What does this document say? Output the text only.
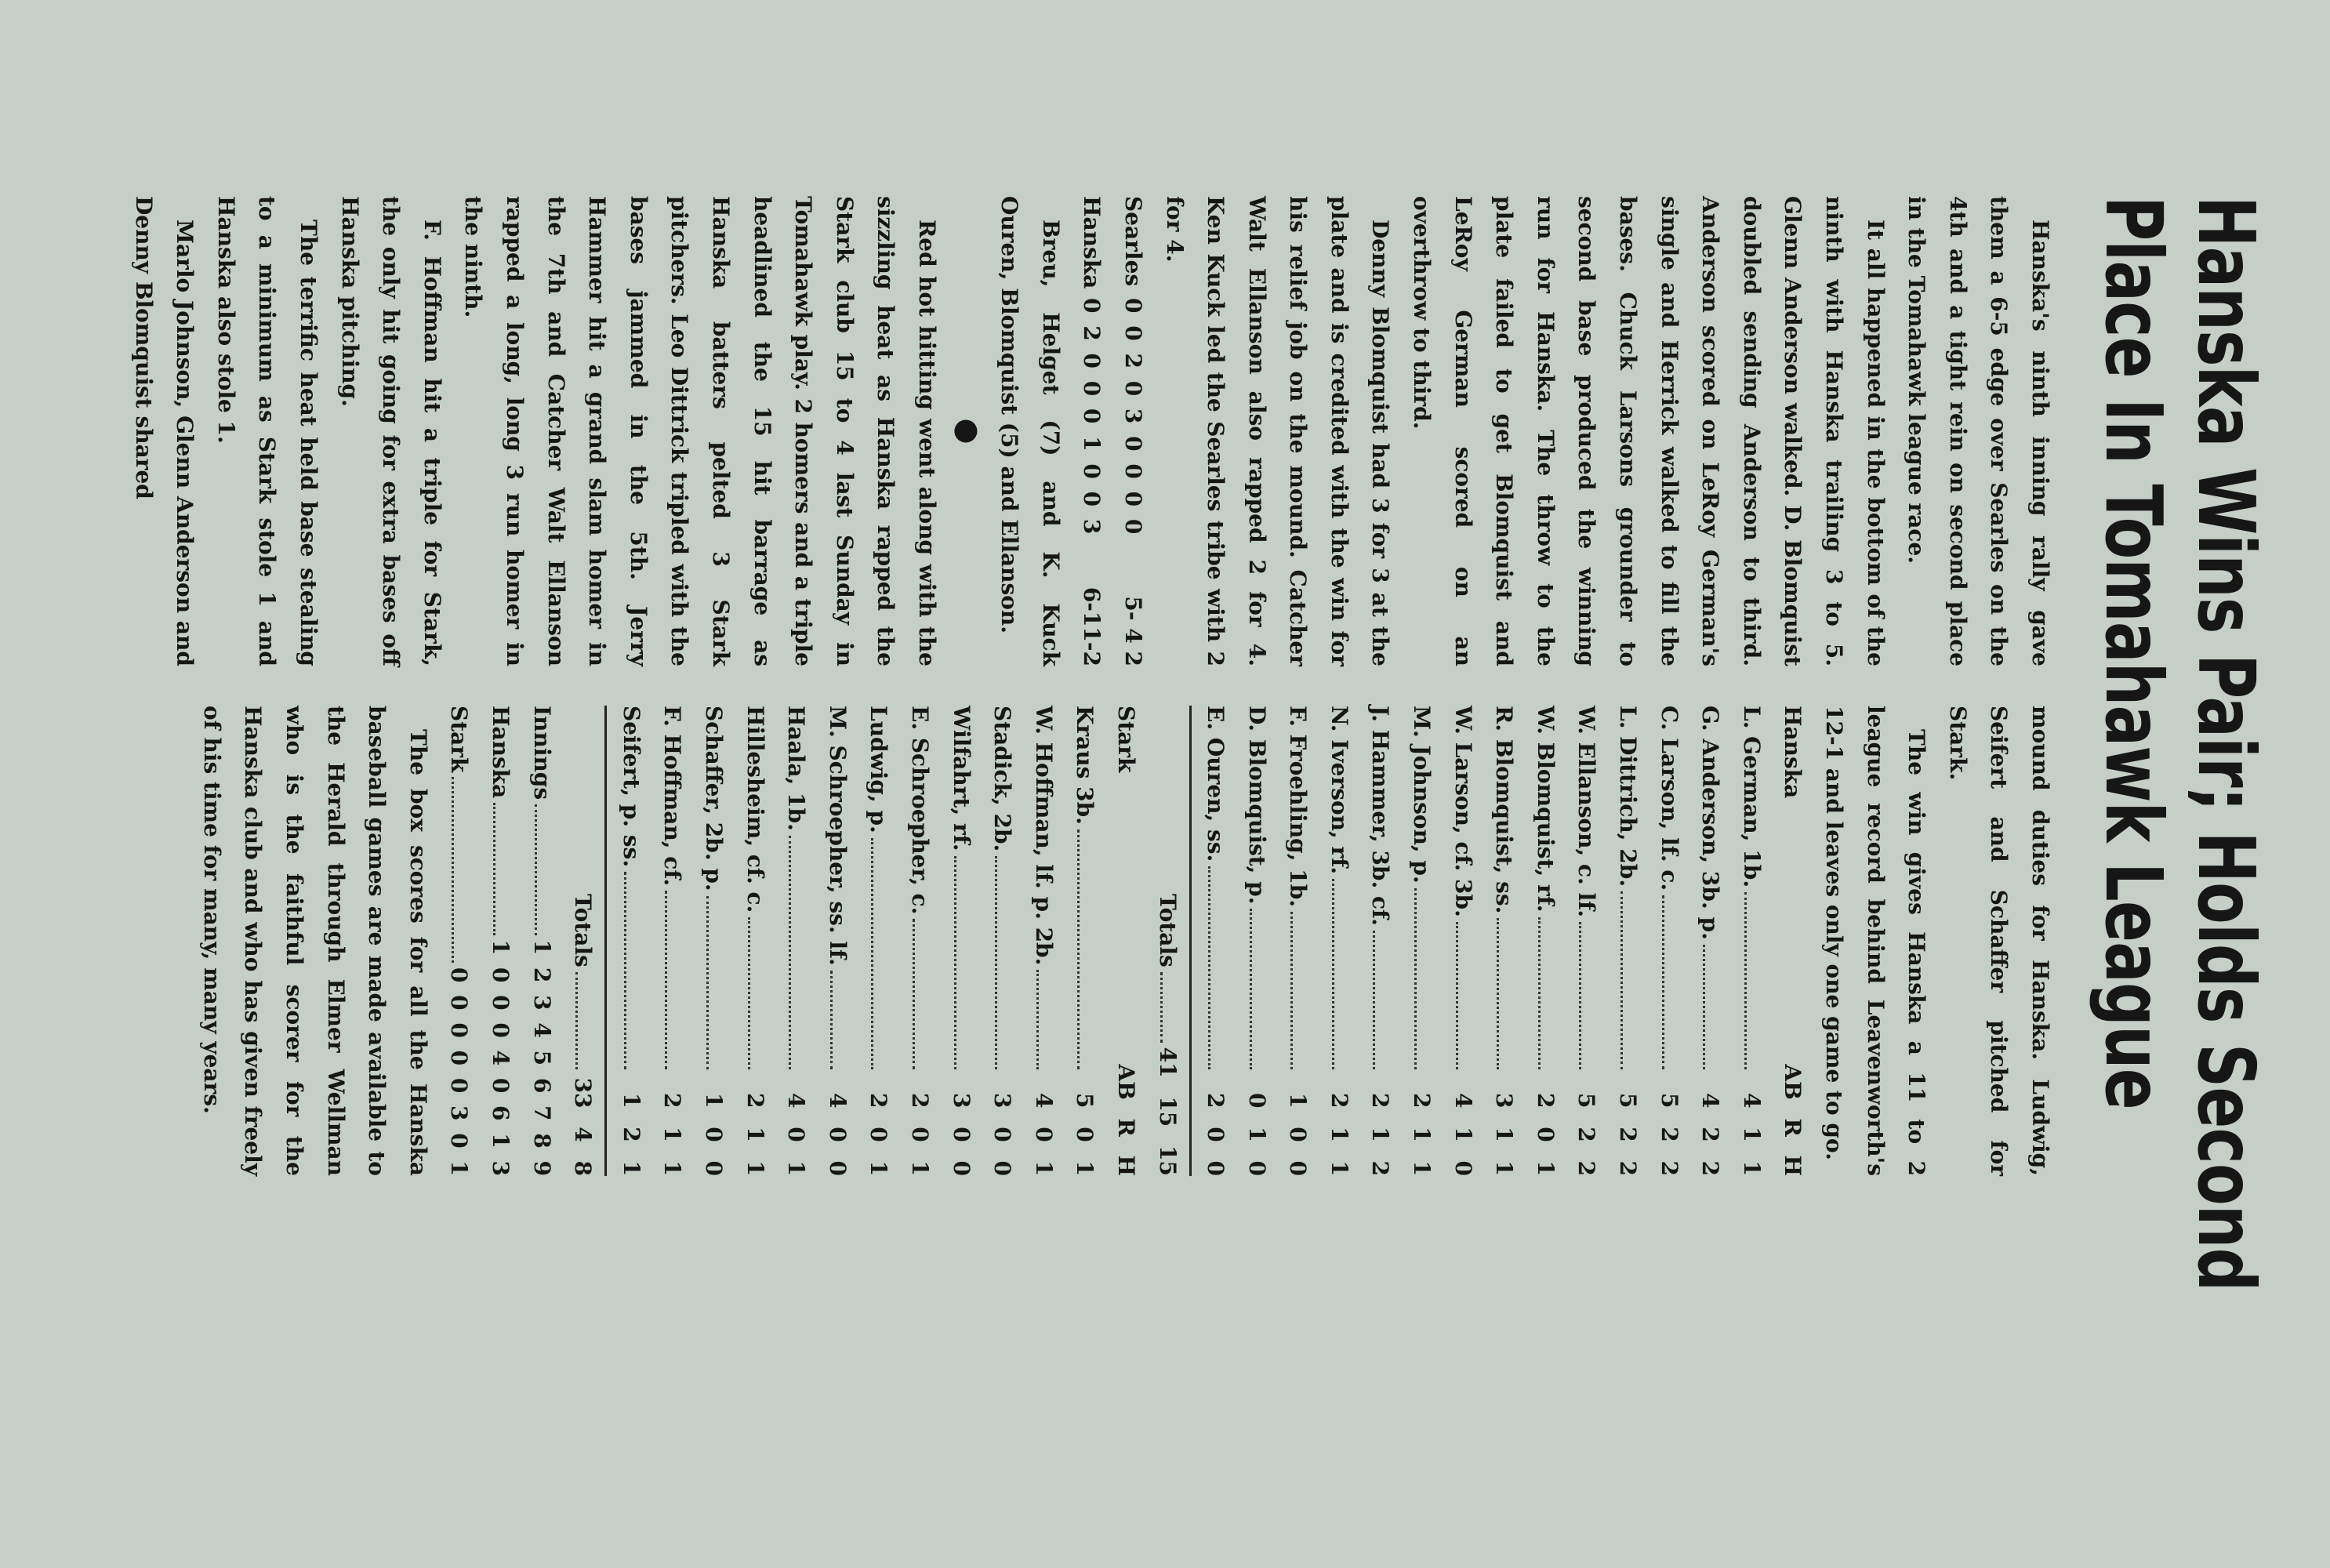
Hanska Wins Pair; Holds Second
Place In Tomahawk League

Hanska's ninth inning rally gave them a 6-5 edge over Searles on the 4th and a tight rein on second place in the Tomahawk league race.

It all happened in the bottom of the ninth with Hanska trailing 3 to 5. Glenn Anderson walked. D. Blomquist doubled sending Anderson to third. Anderson scored on LeRoy German's single and Herrick walked to fill the bases. Chuck Larsons grounder to second base produced the winning run for Hanska. The throw to the plate failed to get Blomquist and LeRoy German scored on an overthrow to third.

Denny Blomquist had 3 for 3 at the plate and is credited with the win for his relief job on the mound. Catcher Walt Ellanson also rapped 2 for 4. Ken Kuck led the Searles tribe with 2 for 4.

Searles
0 0 2 0 3 0 0 0 0
5- 4 2
Hanska
0 2 0 0 0 1 0 0 3
6-11-2

Breu, Helget (7) and K. Kuck Ouren, Blomquist (5) and Ellanson.

●

Red hot hitting went along with the sizzling heat as Hanska rapped the Stark club 15 to 4 last Sunday in Tomahawk play. 2 homers and a triple headlined the 15 hit barrage as Hanska batters pelted 3 Stark pitchers. Leo Dittrick tripled with the bases jammed in the 5th. Jerry Hammer hit a grand slam homer in the 7th and Catcher Walt Ellanson rapped a long, long 3 run homer in the ninth.

F. Hoffman hit a triple for Stark, the only hit going for extra bases off Hanska pitching.

The terrific heat held base stealing to a minimum as Stark stole 1 and Hanska also stole 1.

Marlo Johnson, Glenn Anderson and Denny Blomquist shared

mound duties for Hanska. Ludwig, Seifert and Schaffer pitched for Stark.

The win gives Hanska a 11 to 2 league record behind Leavenworth's 12-1 and leaves only one game to go.

Hanska
AB R H
L. German, 1b.
4 1 1
G. Anderson, 3b. p.
4 2 2
C. Larson, lf. c.
5 2 2
L. Dittrich, 2b.
5 2 2
W. Ellanson, c. lf.
5 2 2
W. Blomquist, rf.
2 0 1
R. Blomquist, ss.
3 1 1
W. Larson, cf. 3b.
4 1 0
M. Johnson, p.
2 1 1
J. Hammer, 3b. cf.
2 1 2
N. Iverson, rf.
2 1 1
F. Froehling, 1b.
1 0 0
D. Blomquist, p.
0 1 0
E. Ouren, ss.
2 0 0
Totals
41 15 15
Stark
AB R H
Kraus 3b.
5 0 1
W. Hoffman, lf. p. 2b.
4 0 1
Stadick, 2b.
3 0 0
Wilfahrt, rf.
3 0 0
E. Schroepher, c.
2 0 1
Ludwig, p.
2 0 1
M. Schroepher, ss. lf.
4 0 0
Haala, 1b.
4 0 1
Hillesheim, cf. c.
2 1 1
Schaffer, 2b. p.
1 0 0
F. Hoffman, cf.
2 1 1
Seifert, p. ss.
1 2 1
Totals
33 4 8
Innings
1 2 3 4 5 6 7 8 9
Hanska
1 0 0 0 4 0 6 1 3
Stark
0 0 0 0 0 3 0 1

The box scores for all the Hanska baseball games are made available to the Herald through Elmer Wellman who is the faithful scorer for the Hanska club and who has given freely of his time for many, many years.
